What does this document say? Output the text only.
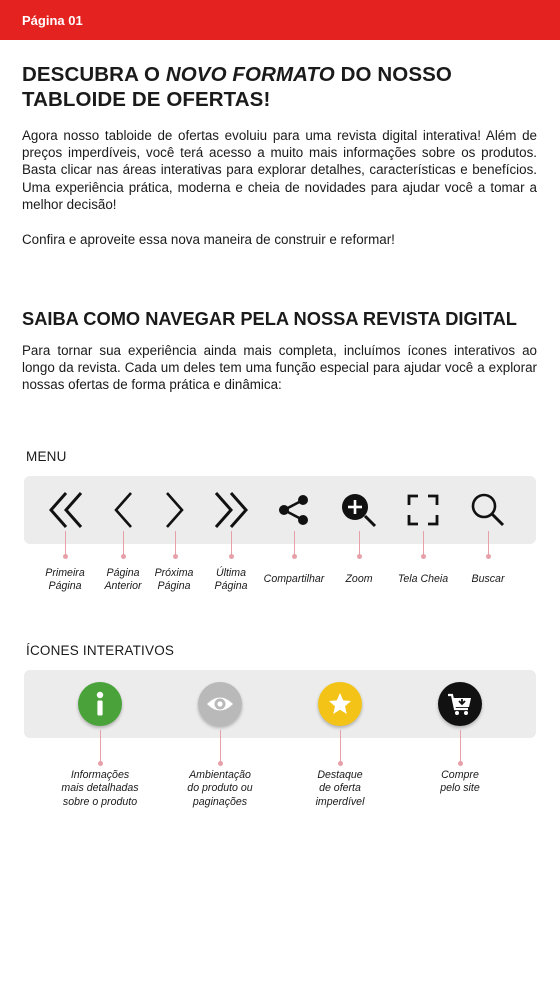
Página 01
DESCUBRA O NOVO FORMATO DO NOSSO TABLOIDE DE OFERTAS!
Agora nosso tabloide de ofertas evoluiu para uma revista digital interativa! Além de preços imperdíveis, você terá acesso a muito mais informações sobre os produtos. Basta clicar nas áreas interativas para explorar detalhes, características e benefícios. Uma experiência prática, moderna e cheia de novidades para ajudar você a tomar a melhor decisão!
Confira e aproveite essa nova maneira de construir e reformar!
SAIBA COMO NAVEGAR PELA NOSSA REVISTA DIGITAL
Para tornar sua experiência ainda mais completa, incluímos ícones interativos ao longo da revista. Cada um deles tem uma função especial para ajudar você a explorar nossas ofertas de forma prática e dinâmica:
MENU
Primeira
Página
Página
Anterior
Próxima
Página
Última
Página
Compartilhar	Zoom	Tela Cheia	Buscar
ÍCONES INTERATIVOS
Informações
mais detalhadas
sobre o produto
Ambientação
do produto ou
paginações
Destaque
de oferta
imperdível
Compre
pelo site
